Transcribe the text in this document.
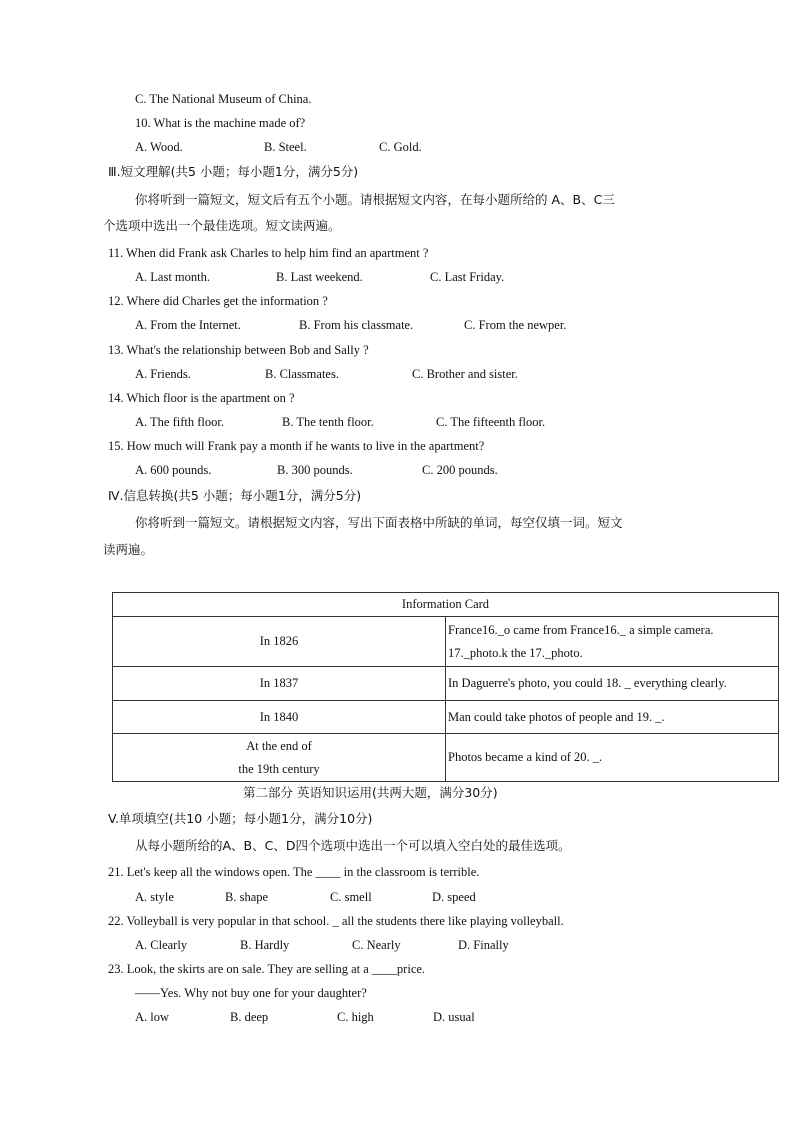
C. The National Museum of China.
10. What is the machine made of?
A. Wood.	B. Steel.	C. Gold.
Ⅲ.短文理解(共5 小题；每小题1分，满分5分)
你将听到一篇短文，短文后有五个小题。请根据短文内容，在每小题所给的 A、B、C三
个选项中选出一个最佳选项。短文读两遍。
11. When did Frank ask Charles to help him find an apartment ?
A. Last month.	B. Last weekend.	C. Last Friday.
12. Where did Charles get the information ?
A. From the Internet.	B. From his classmate.	C. From the newper.
13. What's the relationship between Bob and Sally ?
A. Friends.	B. Classmates.	C. Brother and sister.
14. Which floor is the apartment on ?
A. The fifth floor.	B. The tenth floor.	C. The fifteenth floor.
15. How much will Frank pay a month if he wants to live in the apartment?
A. 600 pounds.	B. 300 pounds.	C. 200 pounds.
Ⅳ.信息转换(共5 小题；每小题1分，满分5分)
你将听到一篇短文。请根据短文内容，写出下面表格中所缺的单词，每空仅填一词。短文
读两遍。
Information Card	
In 1826	France16._o came from France16._ a simple camera.
17._photo.k the 17._photo.

In 1837	In Daguerre's photo, you could 18. _ everything clearly.
In 1840	Man could take photos of people and 19. _.

At the end of
the 19th century	Photos became a kind of 20. _.
第二部分 英语知识运用(共两大题，满分30分)
V.单项填空(共10 小题；每小题1分，满分10分)
从每小题所给的A、B、C、D四个选项中选出一个可以填入空白处的最佳选项。
21. Let's keep all the windows open. The ____ in the classroom is terrible.
A. style	B. shape	C. smell	D. speed
22. Volleyball is very popular in that school. _ all the students there like playing volleyball.
A. Clearly	B. Hardly	C. Nearly	D. Finally
23. Look, the skirts are on sale. They are selling at a ____price.
——Yes. Why not buy one for your daughter?
A. low	B. deep	C. high	D. usual
